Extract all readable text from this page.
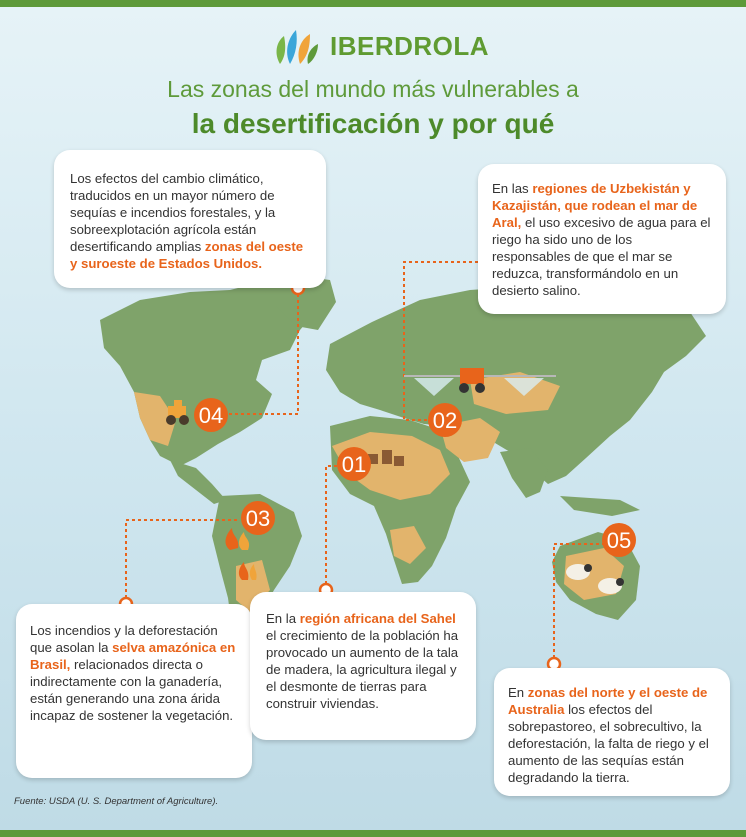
IBERDROLA
Las zonas del mundo más vulnerables a
la desertificación y por qué
01
02
03
04
05
Los efectos del cambio climático, traducidos en un mayor número de sequías e incendios forestales, y la sobreexplotación agrícola están desertificando amplias zonas del oeste y suroeste de Estados Unidos.
En las regiones de Uzbekistán y Kazajistán, que rodean el mar de Aral, el uso excesivo de agua para el riego ha sido uno de los responsables de que el mar se reduzca, transformándolo en un desierto salino.
Los incendios y la deforestación que asolan la selva amazónica en Brasil, relacionados directa o indirectamente con la ganadería, están generando una zona árida incapaz de sostener la vegetación.
En la región africana del Sahel el crecimiento de la población ha provocado un aumento de la tala de madera, la agricultura ilegal y el desmonte de tierras para construir viviendas.
En zonas del norte y el oeste de Australia los efectos del sobrepastoreo, el sobrecultivo, la deforestación, la falta de riego y el aumento de las sequías están degradando la tierra.
Fuente: USDA (U. S. Department of Agriculture).
